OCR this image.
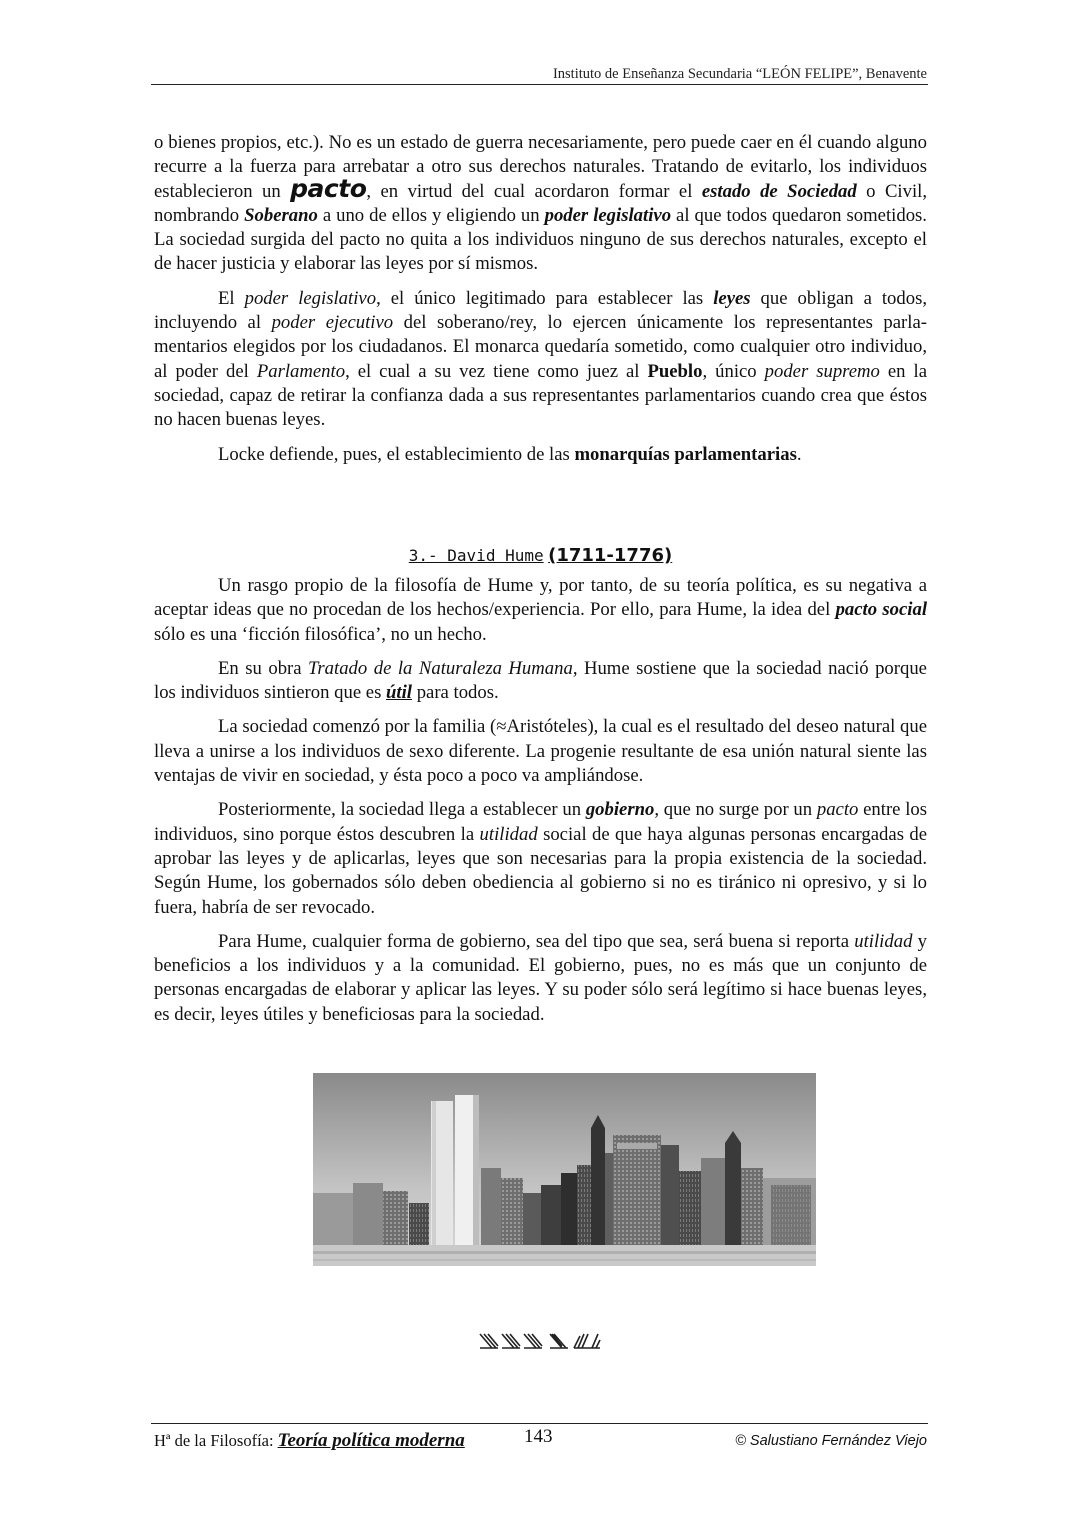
Instituto de Enseñanza Secundaria “LEÓN FELIPE”, Benavente

o bienes propios, etc.). No es un estado de guerra necesariamente, pero puede caer en él cuando alguno recurre a la fuerza para arrebatar a otro sus derechos naturales. Tratando de evitarlo, los individuos establecieron un pacto, en virtud del cual acordaron formar el estado de Sociedad o Civil, nombrando Soberano a uno de ellos y eligiendo un poder legislativo al que todos quedaron sometidos. La sociedad surgida del pacto no quita a los individuos ninguno de sus derechos naturales, excepto el de hacer justicia y elaborar las leyes por sí mismos.

El poder legislativo, el único legitimado para establecer las leyes que obligan a todos, incluyendo al poder ejecutivo del soberano/rey, lo ejercen únicamente los representantes parlamentarios elegidos por los ciudadanos. El monarca quedaría sometido, como cualquier otro individuo, al poder del Parlamento, el cual a su vez tiene como juez al Pueblo, único poder supremo en la sociedad, capaz de retirar la confianza dada a sus representantes parlamentarios cuando crea que éstos no hacen buenas leyes.

Locke defiende, pues, el establecimiento de las monarquías parlamentarias.

3.- David Hume (1711-1776)

Un rasgo propio de la filosofía de Hume y, por tanto, de su teoría política, es su negativa a aceptar ideas que no procedan de los hechos/experiencia. Por ello, para Hume, la idea del pacto social sólo es una ‘ficción filosófica’, no un hecho.

En su obra Tratado de la Naturaleza Humana, Hume sostiene que la sociedad nació porque los individuos sintieron que es útil para todos.

La sociedad comenzó por la familia (≈Aristóteles), la cual es el resultado del deseo natural que lleva a unirse a los individuos de sexo diferente. La progenie resultante de esa unión natural siente las ventajas de vivir en sociedad, y ésta poco a poco va ampliándose.

Posteriormente, la sociedad llega a establecer un gobierno, que no surge por un pacto entre los individuos, sino porque éstos descubren la utilidad social de que haya algunas personas encargadas de aprobar las leyes y de aplicarlas, leyes que son necesarias para la propia existencia de la sociedad. Según Hume, los gobernados sólo deben obediencia al gobierno si no es tiránico ni opresivo, y si lo fuera, habría de ser revocado.

Para Hume, cualquier forma de gobierno, sea del tipo que sea, será buena si reporta utilidad y beneficios a los individuos y a la comunidad. El gobierno, pues, no es más que un conjunto de personas encargadas de elaborar y aplicar las leyes. Y su poder sólo será legítimo si hace buenas leyes, es decir, leyes útiles y beneficiosas para la sociedad.

Hª de la Filosofía: Teoría política moderna	143	© Salustiano Fernández Viejo
